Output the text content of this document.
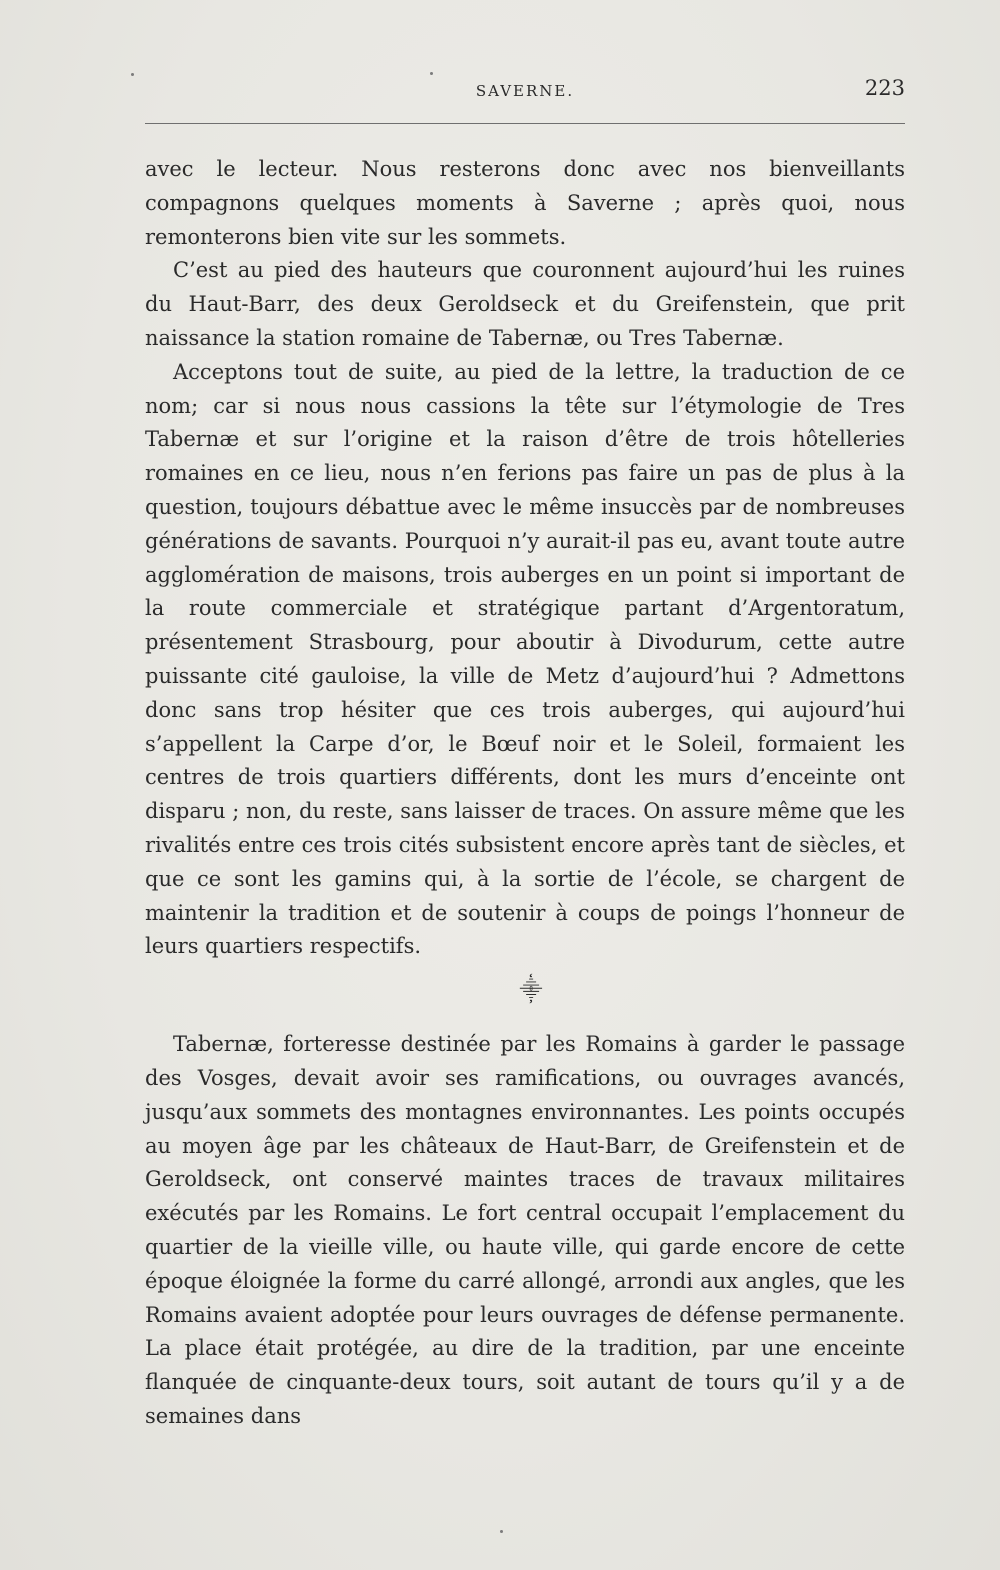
SAVERNE.	223

avec le lecteur. Nous resterons donc avec nos bienveillants compagnons quelques moments à Saverne ; après quoi, nous remonterons bien vite sur les sommets.

C’est au pied des hauteurs que couronnent aujourd’hui les ruines du Haut-Barr, des deux Geroldseck et du Greifenstein, que prit naissance la station romaine de Tabernæ, ou Tres Tabernæ.

Acceptons tout de suite, au pied de la lettre, la traduction de ce nom; car si nous nous cassions la tête sur l’étymologie de Tres Tabernæ et sur l’origine et la raison d’être de trois hôtelleries romaines en ce lieu, nous n’en ferions pas faire un pas de plus à la question, toujours débattue avec le même insuccès par de nombreuses générations de savants. Pourquoi n’y aurait-il pas eu, avant toute autre agglomération de maisons, trois auberges en un point si important de la route commerciale et stratégique partant d’Argentoratum, présentement Strasbourg, pour aboutir à Divodurum, cette autre puissante cité gauloise, la ville de Metz d’aujourd’hui ? Admettons donc sans trop hésiter que ces trois auberges, qui aujourd’hui s’appellent la Carpe d’or, le Bœuf noir et le Soleil, formaient les centres de trois quartiers différents, dont les murs d’enceinte ont disparu ; non, du reste, sans laisser de traces. On assure même que les rivalités entre ces trois cités subsistent encore après tant de siècles, et que ce sont les gamins qui, à la sortie de l’école, se chargent de maintenir la tradition et de soutenir à coups de poings l’honneur de leurs quartiers respectifs.

⸎

Tabernæ, forteresse destinée par les Romains à garder le passage des Vosges, devait avoir ses ramifications, ou ouvrages avancés, jusqu’aux sommets des montagnes environnantes. Les points occupés au moyen âge par les châteaux de Haut-Barr, de Greifenstein et de Geroldseck, ont conservé maintes traces de travaux militaires exécutés par les Romains. Le fort central occupait l’emplacement du quartier de la vieille ville, ou haute ville, qui garde encore de cette époque éloignée la forme du carré allongé, arrondi aux angles, que les Romains avaient adoptée pour leurs ouvrages de défense permanente. La place était protégée, au dire de la tradition, par une enceinte flanquée de cinquante-deux tours, soit autant de tours qu’il y a de semaines dans
